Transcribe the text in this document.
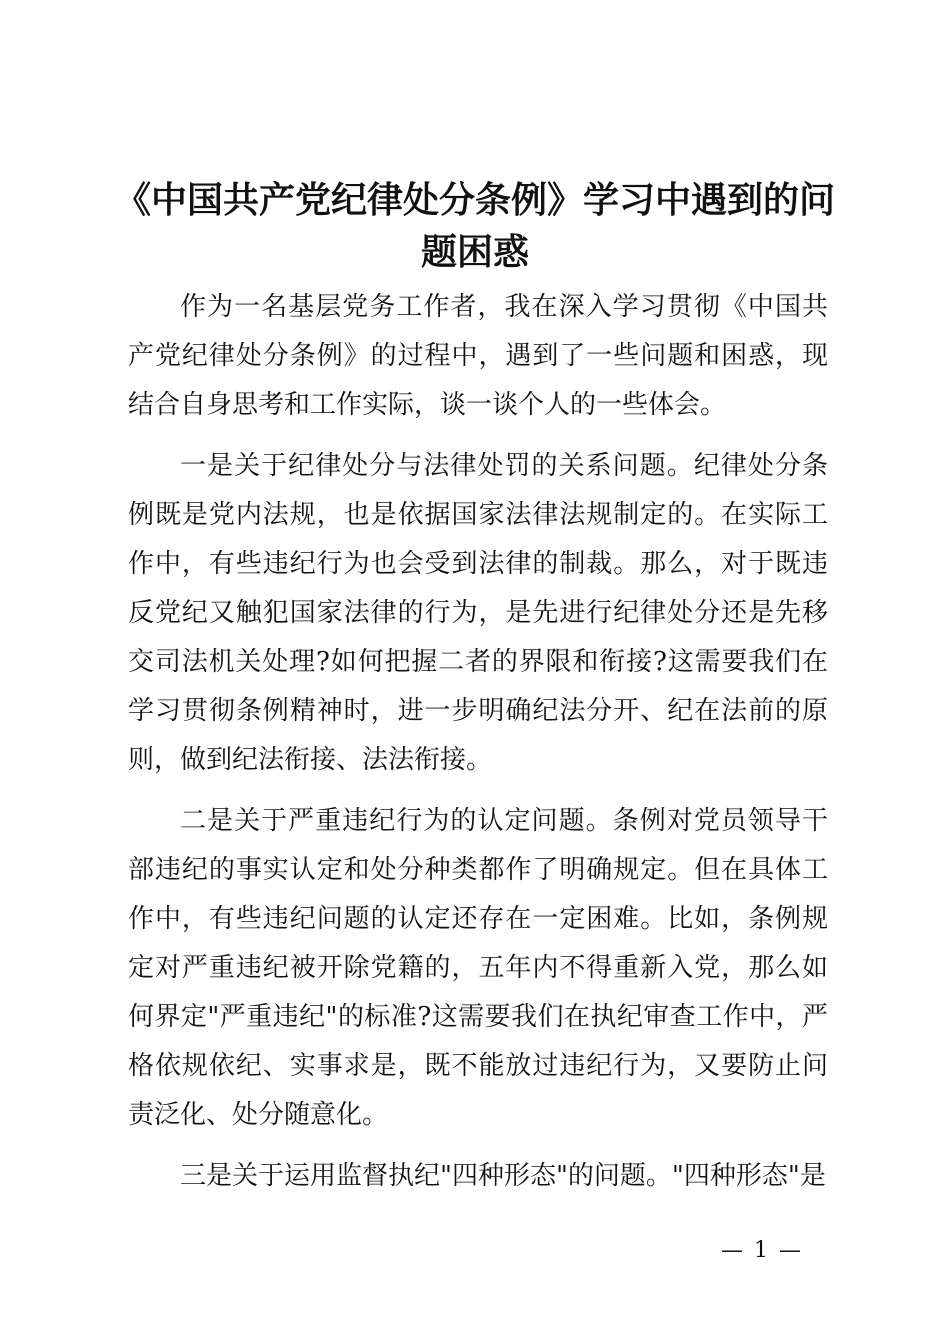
《中国共产党纪律处分条例》学习中遇到的问题困惑

作为一名基层党务工作者，我在深入学习贯彻《中国共产党纪律处分条例》的过程中，遇到了一些问题和困惑，现结合自身思考和工作实际，谈一谈个人的一些体会。

一是关于纪律处分与法律处罚的关系问题。纪律处分条例既是党内法规，也是依据国家法律法规制定的。在实际工作中，有些违纪行为也会受到法律的制裁。那么，对于既违反党纪又触犯国家法律的行为，是先进行纪律处分还是先移交司法机关处理?如何把握二者的界限和衔接?这需要我们在学习贯彻条例精神时，进一步明确纪法分开、纪在法前的原则，做到纪法衔接、法法衔接。

二是关于严重违纪行为的认定问题。条例对党员领导干部违纪的事实认定和处分种类都作了明确规定。但在具体工作中，有些违纪问题的认定还存在一定困难。比如，条例规定对严重违纪被开除党籍的，五年内不得重新入党，那么如何界定"严重违纪"的标准?这需要我们在执纪审查工作中，严格依规依纪、实事求是，既不能放过违纪行为，又要防止问责泛化、处分随意化。

三是关于运用监督执纪"四种形态"的问题。"四种形态"是

— 1 —
